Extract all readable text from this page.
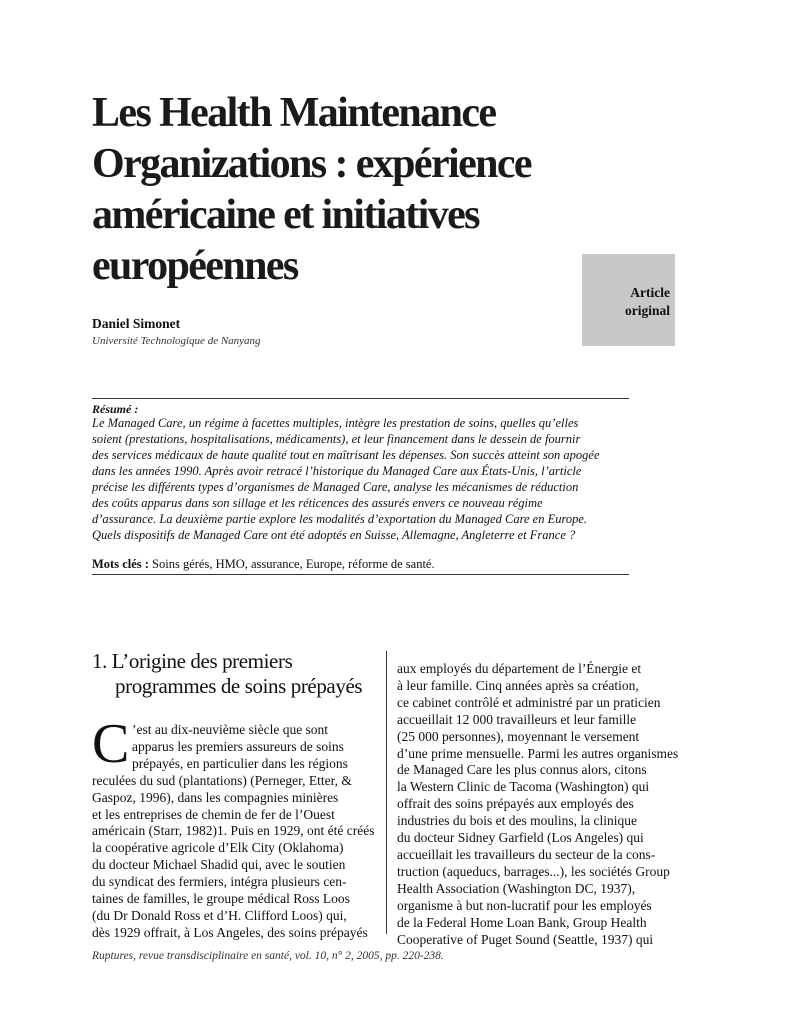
Les Health Maintenance
Organizations : expérience
américaine et initiatives
européennes
Article
original
Daniel Simonet
Université Technologique de Nanyang
Résumé :
Le Managed Care, un régime à facettes multiples, intègre les prestation de soins, quelles qu’elles
soient (prestations, hospitalisations, médicaments), et leur financement dans le dessein de fournir
des services médicaux de haute qualité tout en maîtrisant les dépenses. Son succès atteint son apogée
dans les années 1990. Après avoir retracé l’historique du Managed Care aux États-Unis, l’article
précise les différents types d’organismes de Managed Care, analyse les mécanismes de réduction
des coûts apparus dans son sillage et les réticences des assurés envers ce nouveau régime
d’assurance. La deuxième partie explore les modalités d’exportation du Managed Care en Europe.
Quels dispositifs de Managed Care ont été adoptés en Suisse, Allemagne, Angleterre et France ?
Mots clés : Soins gérés, HMO, assurance, Europe, réforme de santé.
1. L’origine des premiers
programmes de soins prépayés
C ’est au dix-neuvième siècle que sont
apparus les premiers assureurs de soins
prépayés, en particulier dans les régions
reculées du sud (plantations) (Perneger, Etter, &
Gaspoz, 1996), dans les compagnies minières
et les entreprises de chemin de fer de l’Ouest
américain (Starr, 1982)1. Puis en 1929, ont été créés
la coopérative agricole d’Elk City (Oklahoma)
du docteur Michael Shadid qui, avec le soutien
du syndicat des fermiers, intégra plusieurs cen-
taines de familles, le groupe médical Ross Loos
(du Dr Donald Ross et d’H. Clifford Loos) qui,
dès 1929 offrait, à Los Angeles, des soins prépayés
aux employés du département de l’Énergie et
à leur famille. Cinq années après sa création,
ce cabinet contrôlé et administré par un praticien
accueillait 12 000 travailleurs et leur famille
(25 000 personnes), moyennant le versement
d’une prime mensuelle. Parmi les autres organismes
de Managed Care les plus connus alors, citons
la Western Clinic de Tacoma (Washington) qui
offrait des soins prépayés aux employés des
industries du bois et des moulins, la clinique
du docteur Sidney Garfield (Los Angeles) qui
accueillait les travailleurs du secteur de la cons-
truction (aqueducs, barrages...), les sociétés Group
Health Association (Washington DC, 1937),
organisme à but non-lucratif pour les employés
de la Federal Home Loan Bank, Group Health
Cooperative of Puget Sound (Seattle, 1937) qui
Ruptures, revue transdisciplinaire en santé, vol. 10, n° 2, 2005, pp. 220-238.
